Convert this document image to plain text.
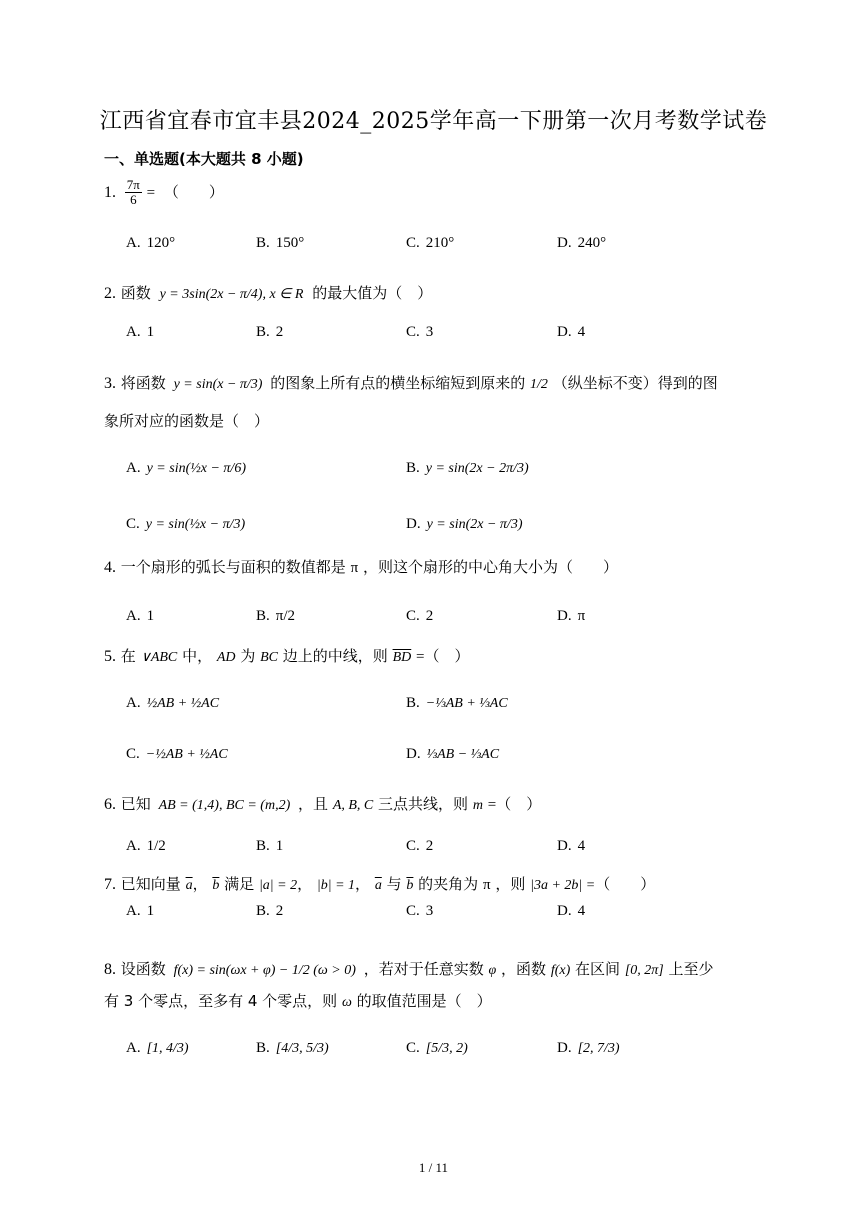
江西省宜春市宜丰县2024_2025学年高一下册第一次月考数学试卷
一、单选题(本大题共 8 小题)
1. $\frac{7\pi}{6}$ = （　　）
A. 120°	B. 150°	C. 210°	D. 240°
2. 函数 y = 3sin(2x − π/4), x ∈ R 的最大值为（　）
A. 1	B. 2	C. 3	D. 4
3. 将函数 y = sin(x − π/3) 的图象上所有点的横坐标缩短到原来的 1/2 （纵坐标不变）得到的图
象所对应的函数是（　）
A. y = sin(½x − π/6)	B. y = sin(2x − 2π/3)
C. y = sin(½x − π/3)	D. y = sin(2x − π/3)
4. 一个扇形的弧长与面积的数值都是 π ，则这个扇形的中心角大小为（　　）
A. 1	B. π/2	C. 2	D. π
5. 在 ∨ABC 中， AD 为 BC 边上的中线，则 $\overline{BD}$ =（　）
A. ½AB + ½AC	B. −⅓AB + ⅓AC
C. −½AB + ½AC	D. ⅓AB − ⅓AC
6. 已知 AB = (1,4), BC = (m,2) ，且 A, B, C 三点共线，则 m =（　）
A. 1/2	B. 1	C. 2	D. 4
7. 已知向量 $\overline{a}$， $\overline{b}$ 满足 |a| = 2， |b| = 1， $\overline{a}$ 与 $\overline{b}$ 的夹角为 π ，则 |3a + 2b| =（　　）
A. 1	B. 2	C. 3	D. 4
8. 设函数 f(x) = sin(ωx + φ) − 1/2 (ω > 0) ，若对于任意实数 φ ，函数 f(x) 在区间 [0, 2π] 上至少
有 3 个零点，至多有 4 个零点，则 ω 的取值范围是（　）
A. [1, 4/3)	B. [4/3, 5/3)	C. [5/3, 2)	D. [2, 7/3)
1 / 11
